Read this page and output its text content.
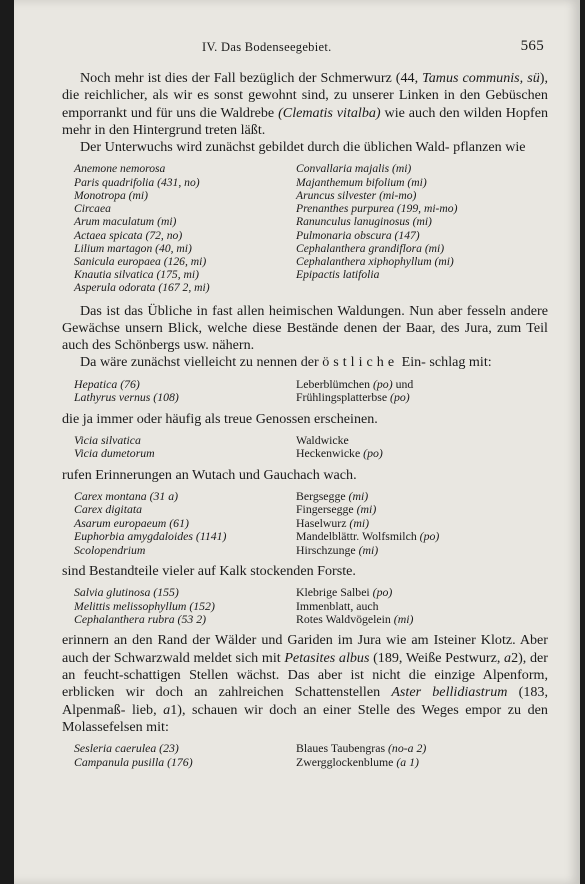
IV. Das Bodenseegebiet.	565

Noch mehr ist dies der Fall bezüglich der Schmerwurz (44, Tamus communis, sü), die reichlicher, als wir es sonst gewohnt sind, zu unserer Linken in den Gebüschen emporrankt und für uns die Waldrebe (Clematis vitalba) wie auch den wilden Hopfen mehr in den Hintergrund treten läßt.

Der Unterwuchs wird zunächst gebildet durch die üblichen Wald- pflanzen wie

Anemone nemorosa	Convallaria majalis (mi)
Paris quadrifolia (431, no)	Majanthemum bifolium (mi)
Monotropa (mi)	Aruncus silvester (mi-mo)
Circaea	Prenanthes purpurea (199, mi-mo)
Arum maculatum (mi)	Ranunculus lanuginosus (mi)
Actaea spicata (72, no)	Pulmonaria obscura (147)
Lilium martagon (40, mi)	Cephalanthera grandiflora (mi)
Sanicula europaea (126, mi)	Cephalanthera xiphophyllum (mi)
Knautia silvatica (175, mi)	Epipactis latifolia
Asperula odorata (167 2, mi)

Das ist das Übliche in fast allen heimischen Waldungen. Nun aber fesseln andere Gewächse unsern Blick, welche diese Bestände denen der Baar, des Jura, zum Teil auch des Schönbergs usw. nähern.

Da wäre zunächst vielleicht zu nennen der östliche Ein- schlag mit:

Hepatica (76)	Leberblümchen (po) und
Lathyrus vernus (108)	Frühlingsplatterbse (po)

die ja immer oder häufig als treue Genossen erscheinen.

Vicia silvatica	Waldwicke
Vicia dumetorum	Heckenwicke (po)

rufen Erinnerungen an Wutach und Gauchach wach.

Carex montana (31 a)	Bergsegge (mi)
Carex digitata	Fingersegge (mi)
Asarum europaeum (61)	Haselwurz (mi)
Euphorbia amygdaloides (1141)	Mandelblättr. Wolfsmilch (po)
Scolopendrium	Hirschzunge (mi)

sind Bestandteile vieler auf Kalk stockenden Forste.

Salvia glutinosa (155)	Klebrige Salbei (po)
Melittis melissophyllum (152)	Immenblatt, auch
Cephalanthera rubra (53 2)	Rotes Waldvögelein (mi)

erinnern an den Rand der Wälder und Gariden im Jura wie am Isteiner Klotz. Aber auch der Schwarzwald meldet sich mit Petasites albus (189, Weiße Pestwurz, a2), der an feucht-schattigen Stellen wächst. Das aber ist nicht die einzige Alpenform, erblicken wir doch an zahlreichen Schattenstellen Aster bellidiastrum (183, Alpenmaß- lieb, a1), schauen wir doch an einer Stelle des Weges empor zu den Molassefelsen mit:

Sesleria caerulea (23)	Blaues Taubengras (no-a 2)
Campanula pusilla (176)	Zwergglockenblume (a 1)
